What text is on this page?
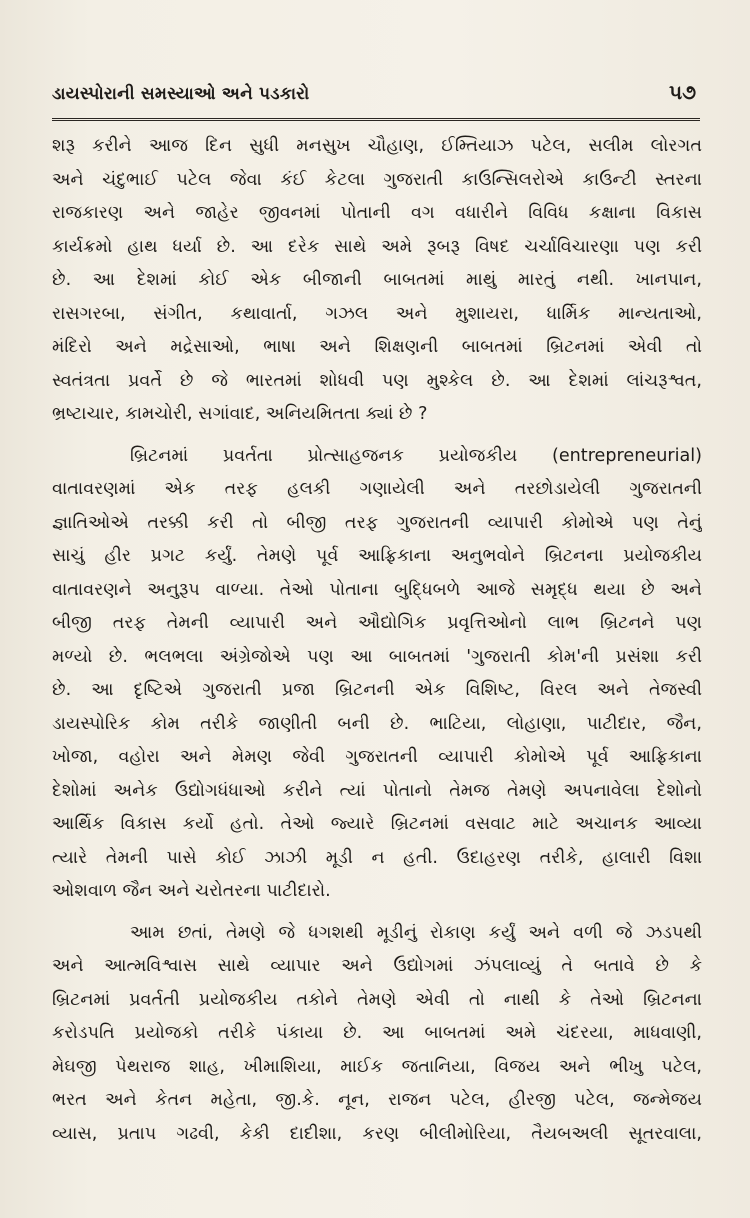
ડાયસ્પોરાની સમસ્યાઓ અને પડકારો	૫૭
શરૂ કરીને આજ દિન સુધી મનસુખ ચૌહાણ, ઈમ્તિયાઝ પટેલ, સલીમ લોરગત
અને ચંદુભાઈ પટેલ જેવા કંઈ કેટલા ગુજરાતી કાઉન્સિલરોએ કાઉન્ટી સ્તરના
રાજકારણ અને જાહેર જીવનમાં પોતાની વગ વધારીને વિવિધ કક્ષાના વિકાસ
કાર્યક્રમો હાથ ધર્યા છે. આ દરેક સાથે અમે રૂબરૂ વિષદ ચર્ચાવિચારણા પણ કરી
છે. આ દેશમાં કોઈ એક બીજાની બાબતમાં માથું મારતું નથી. ખાનપાન,
રાસગરબા, સંગીત, કથાવાર્તા, ગઝલ અને મુશાયરા, ધાર્મિક માન્યતાઓ,
મંદિરો અને મદ્રેસાઓ, ભાષા અને શિક્ષણની બાબતમાં બ્રિટનમાં એવી તો
સ્વતંત્રતા પ્રવર્તે છે જે ભારતમાં શોધવી પણ મુશ્કેલ છે. આ દેશમાં લાંચરૂશ્વત,
ભ્રષ્ટાચાર, કામચોરી, સગાંવાદ, અનિયમિતતા ક્યાં છે ?
બ્રિટનમાં પ્રવર્તતા પ્રોત્સાહજનક પ્રયોજકીય (entrepreneurial)
વાતાવરણમાં એક તરફ હલકી ગણાયેલી અને તરછોડાયેલી ગુજરાતની
જ્ઞાતિઓએ તરક્કી કરી તો બીજી તરફ ગુજરાતની વ્યાપારી કોમોએ પણ તેનું
સાચું હીર પ્રગટ કર્યું. તેમણે પૂર્વ આફ્રિકાના અનુભવોને બ્રિટનના પ્રયોજકીય
વાતાવરણને અનુરૂપ વાળ્યા. તેઓ પોતાના બુદ્ધિબળે આજે સમૃદ્ધ થયા છે અને
બીજી તરફ તેમની વ્યાપારી અને ઔદ્યોગિક પ્રવૃત્તિઓનો લાભ બ્રિટનને પણ
મળ્યો છે. ભલભલા અંગ્રેજોએ પણ આ બાબતમાં 'ગુજરાતી કોમ'ની પ્રસંશા કરી
છે. આ દૃષ્ટિએ ગુજરાતી પ્રજા બ્રિટનની એક વિશિષ્ટ, વિરલ અને તેજસ્વી
ડાયસ્પોરિક કોમ તરીકે જાણીતી બની છે. ભાટિયા, લોહાણા, પાટીદાર, જૈન,
ખોજા, વહોરા અને મેમણ જેવી ગુજરાતની વ્યાપારી કોમોએ પૂર્વ આફ્રિકાના
દેશોમાં અનેક ઉદ્યોગધંધાઓ કરીને ત્યાં પોતાનો તેમજ તેમણે અપનાવેલા દેશોનો
આર્થિક વિકાસ કર્યો હતો. તેઓ જ્યારે બ્રિટનમાં વસવાટ માટે અચાનક આવ્યા
ત્યારે તેમની પાસે કોઈ ઝાઝી મૂડી ન હતી. ઉદાહરણ તરીકે, હાલારી વિશા
ઓશવાળ જૈન અને ચરોતરના પાટીદારો.
આમ છતાં, તેમણે જે ધગશથી મૂડીનું રોકાણ કર્યું અને વળી જે ઝડપથી
અને આત્મવિશ્વાસ સાથે વ્યાપાર અને ઉદ્યોગમાં ઝંપલાવ્યું તે બતાવે છે કે
બ્રિટનમાં પ્રવર્તતી પ્રયોજકીય તકોને તેમણે એવી તો નાથી કે તેઓ બ્રિટનના
કરોડપતિ પ્રયોજકો તરીકે પંકાયા છે. આ બાબતમાં અમે ચંદરયા, માધવાણી,
મેઘજી પેથરાજ શાહ, ખીમાશિયા, માઈક જતાનિયા, વિજય અને ભીખુ પટેલ,
ભરત અને કેતન મહેતા, જી.કે. નૂન, રાજન પટેલ, હીરજી પટેલ, જન્મેજય
વ્યાસ, પ્રતાપ ગઢવી, કેકી દાદીશા, કરણ બીલીમોરિયા, તૈયબઅલી સૂતરવાલા,
